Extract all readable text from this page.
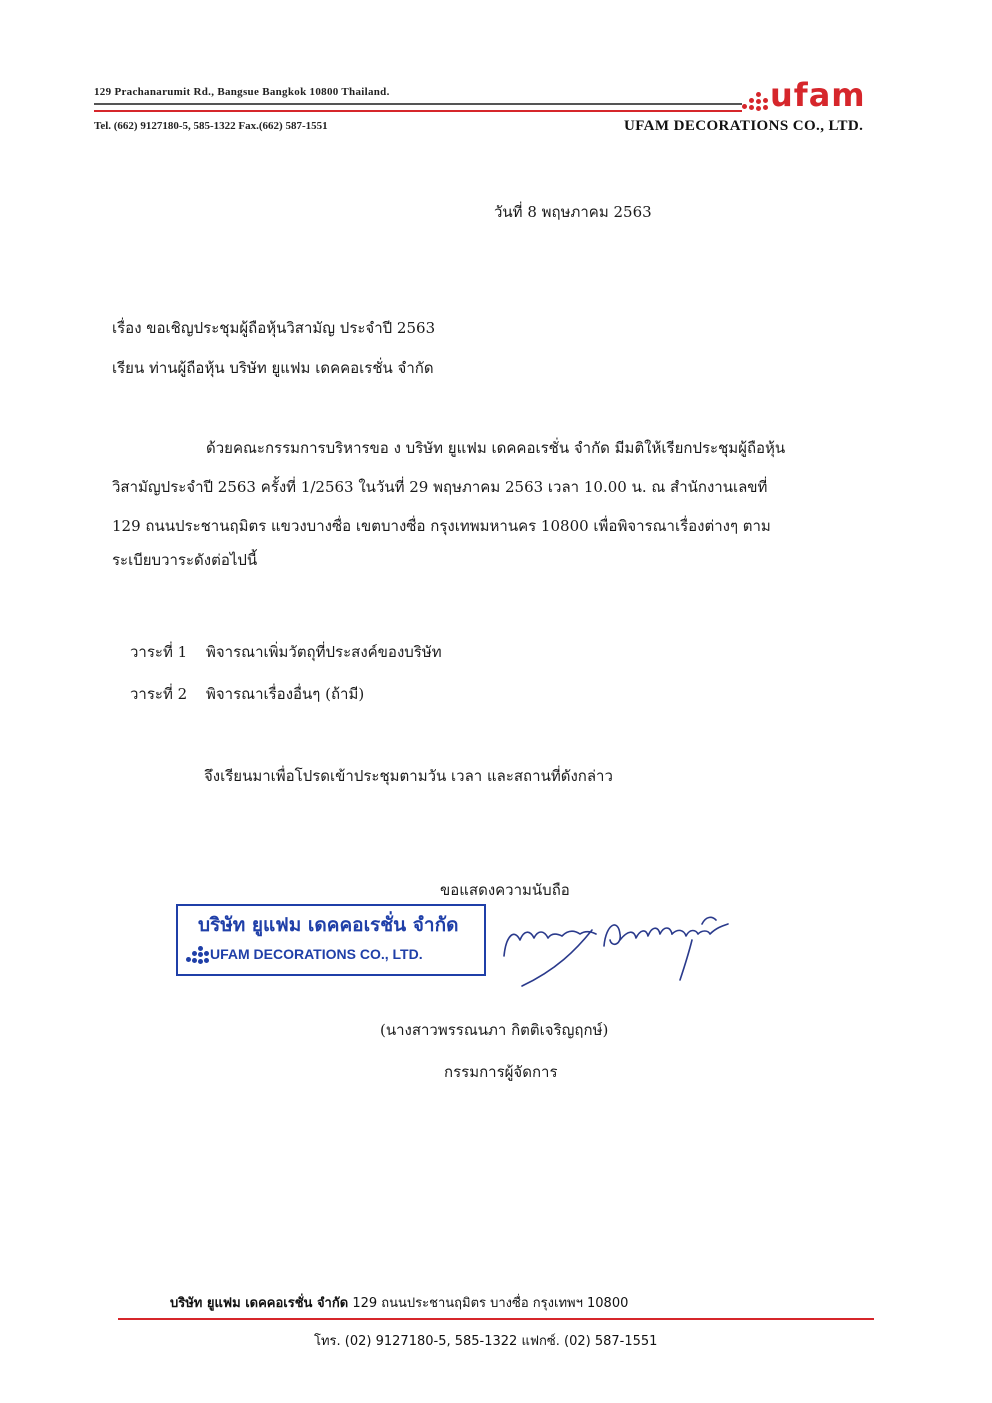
129 Prachanarumit Rd., Bangsue Bangkok 10800 Thailand.
Tel. (662) 9127180-5, 585-1322 Fax.(662) 587-1551
ufam
UFAM DECORATIONS CO., LTD.
วันที่ 8 พฤษภาคม 2563
เรื่อง ขอเชิญประชุมผู้ถือหุ้นวิสามัญ ประจำปี 2563
เรียน ท่านผู้ถือหุ้น บริษัท ยูแฟม เดคคอเรชั่น จำกัด
ด้วยคณะกรรมการบริหารขอ ง บริษัท ยูแฟม เดคคอเรชั่น จำกัด มีมติให้เรียกประชุมผู้ถือหุ้น
วิสามัญประจำปี 2563 ครั้งที่ 1/2563 ในวันที่ 29 พฤษภาคม 2563 เวลา 10.00 น. ณ สำนักงานเลขที่
129 ถนนประชานฤมิตร แขวงบางซื่อ เขตบางซื่อ กรุงเทพมหานคร 10800 เพื่อพิจารณาเรื่องต่างๆ ตาม
ระเบียบวาระดังต่อไปนี้
วาระที่ 1 พิจารณาเพิ่มวัตถุที่ประสงค์ของบริษัท
วาระที่ 2 พิจารณาเรื่องอื่นๆ (ถ้ามี)
จึงเรียนมาเพื่อโปรดเข้าประชุมตามวัน เวลา และสถานที่ดังกล่าว
ขอแสดงความนับถือ
บริษัท ยูแฟม เดคคอเรชั่น จำกัด
UFAM DECORATIONS CO., LTD.
(นางสาวพรรณนภา กิตติเจริญฤกษ์)
กรรมการผู้จัดการ
บริษัท ยูแฟม เดคคอเรชั่น จำกัด 129 ถนนประชานฤมิตร บางซื่อ กรุงเทพฯ 10800
โทร. (02) 9127180-5, 585-1322 แฟกซ์. (02) 587-1551
